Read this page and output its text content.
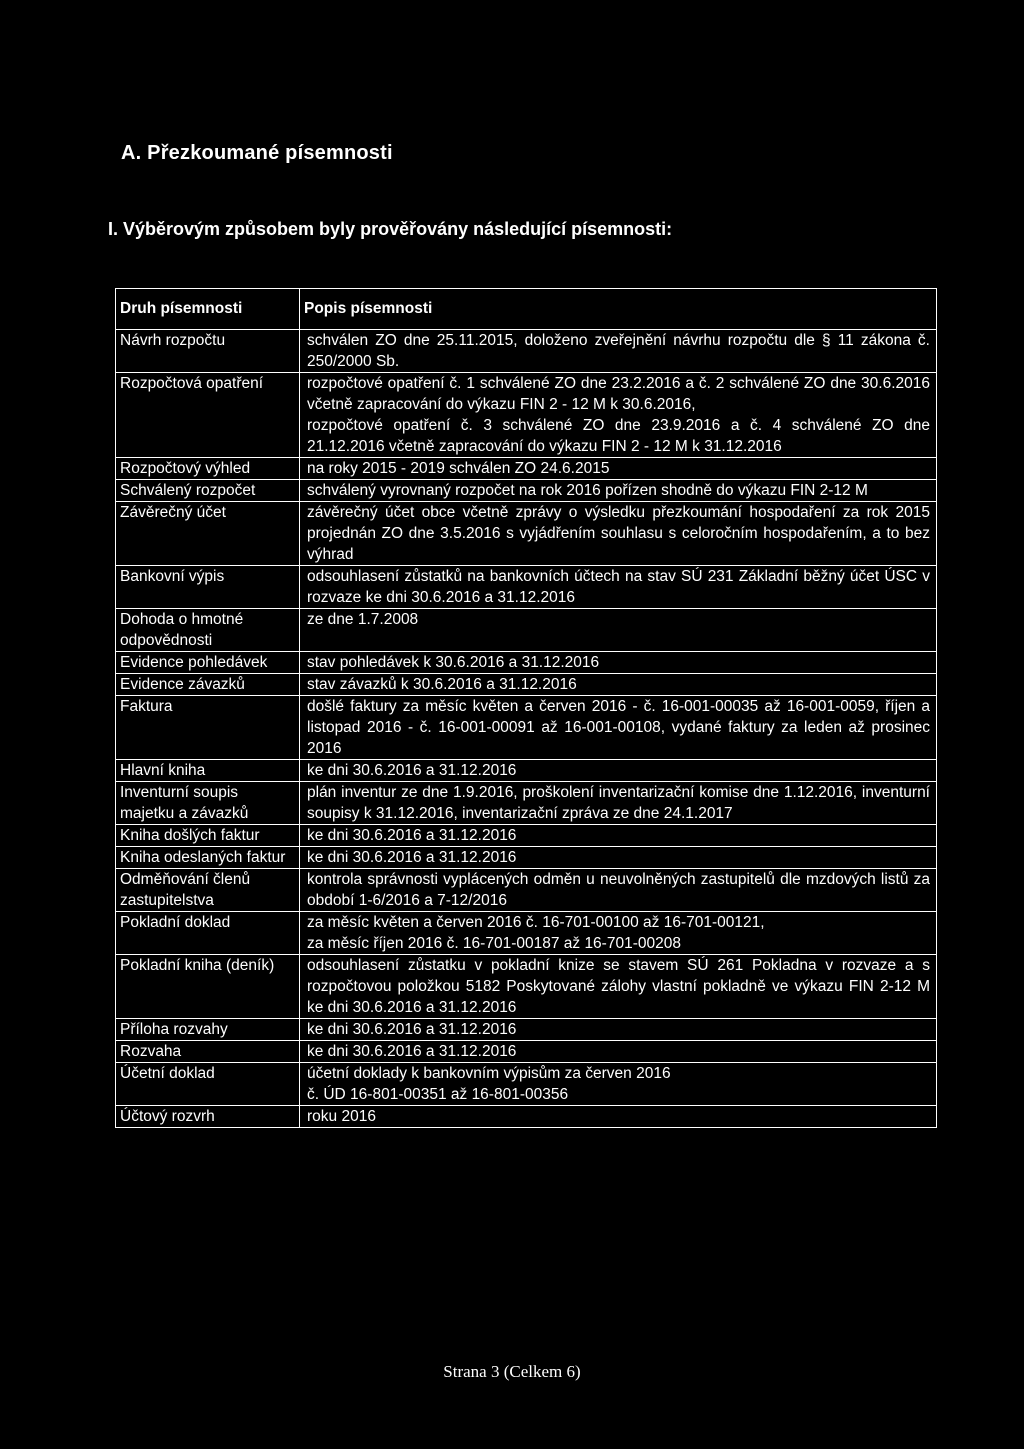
A. Přezkoumané písemnosti
I. Výběrovým způsobem byly prověřovány následující písemnosti:
Druh písemnosti	Popis písemnosti
Návrh rozpočtu	schválen ZO dne 25.11.2015, doloženo zveřejnění návrhu rozpočtu dle § 11 zákona č. 250/2000 Sb.
Rozpočtová opatření	rozpočtové opatření č. 1 schválené ZO dne 23.2.2016 a č. 2 schválené ZO dne 30.6.2016 včetně zapracování do výkazu FIN 2 - 12 M k 30.6.2016,
rozpočtové opatření č. 3 schválené ZO dne 23.9.2016 a č. 4 schválené ZO dne 21.12.2016 včetně zapracování do výkazu FIN 2 - 12 M k 31.12.2016
Rozpočtový výhled	na roky 2015 - 2019 schválen ZO 24.6.2015
Schválený rozpočet	schválený vyrovnaný rozpočet na rok 2016 pořízen shodně do výkazu FIN 2-12 M
Závěrečný účet	závěrečný účet obce včetně zprávy o výsledku přezkoumání hospodaření za rok 2015 projednán ZO dne 3.5.2016 s vyjádřením souhlasu s celoročním hospodařením, a to bez výhrad
Bankovní výpis	odsouhlasení zůstatků na bankovních účtech na stav SÚ 231 Základní běžný účet ÚSC v rozvaze ke dni 30.6.2016 a 31.12.2016
Dohoda o hmotné odpovědnosti	ze dne 1.7.2008
Evidence pohledávek	stav pohledávek k 30.6.2016 a 31.12.2016
Evidence závazků	stav závazků k 30.6.2016 a 31.12.2016
Faktura	došlé faktury za měsíc květen a červen 2016 - č. 16-001-00035 až 16-001-0059, říjen a listopad 2016 - č. 16-001-00091 až 16-001-00108, vydané faktury za leden až prosinec 2016
Hlavní kniha	ke dni 30.6.2016 a 31.12.2016
Inventurní soupis majetku a závazků	plán inventur ze dne 1.9.2016, proškolení inventarizační komise dne 1.12.2016, inventurní soupisy k 31.12.2016, inventarizační zpráva ze dne 24.1.2017
Kniha došlých faktur	ke dni 30.6.2016 a 31.12.2016
Kniha odeslaných faktur	ke dni 30.6.2016 a 31.12.2016
Odměňování členů zastupitelstva	kontrola správnosti vyplácených odměn u neuvolněných zastupitelů dle mzdových listů za období 1-6/2016 a 7-12/2016
Pokladní doklad	za měsíc květen a červen 2016 č. 16-701-00100 až 16-701-00121,
za měsíc říjen 2016 č. 16-701-00187 až 16-701-00208
Pokladní kniha (deník)	odsouhlasení zůstatku v pokladní knize se stavem SÚ 261 Pokladna v rozvaze a s rozpočtovou položkou 5182 Poskytované zálohy vlastní pokladně ve výkazu FIN 2-12 M ke dni 30.6.2016 a 31.12.2016
Příloha rozvahy	ke dni 30.6.2016 a 31.12.2016
Rozvaha	ke dni 30.6.2016 a 31.12.2016
Účetní doklad	účetní doklady k bankovním výpisům za červen 2016
č. ÚD 16-801-00351 až 16-801-00356
Účtový rozvrh	roku 2016
Strana 3 (Celkem 6)
